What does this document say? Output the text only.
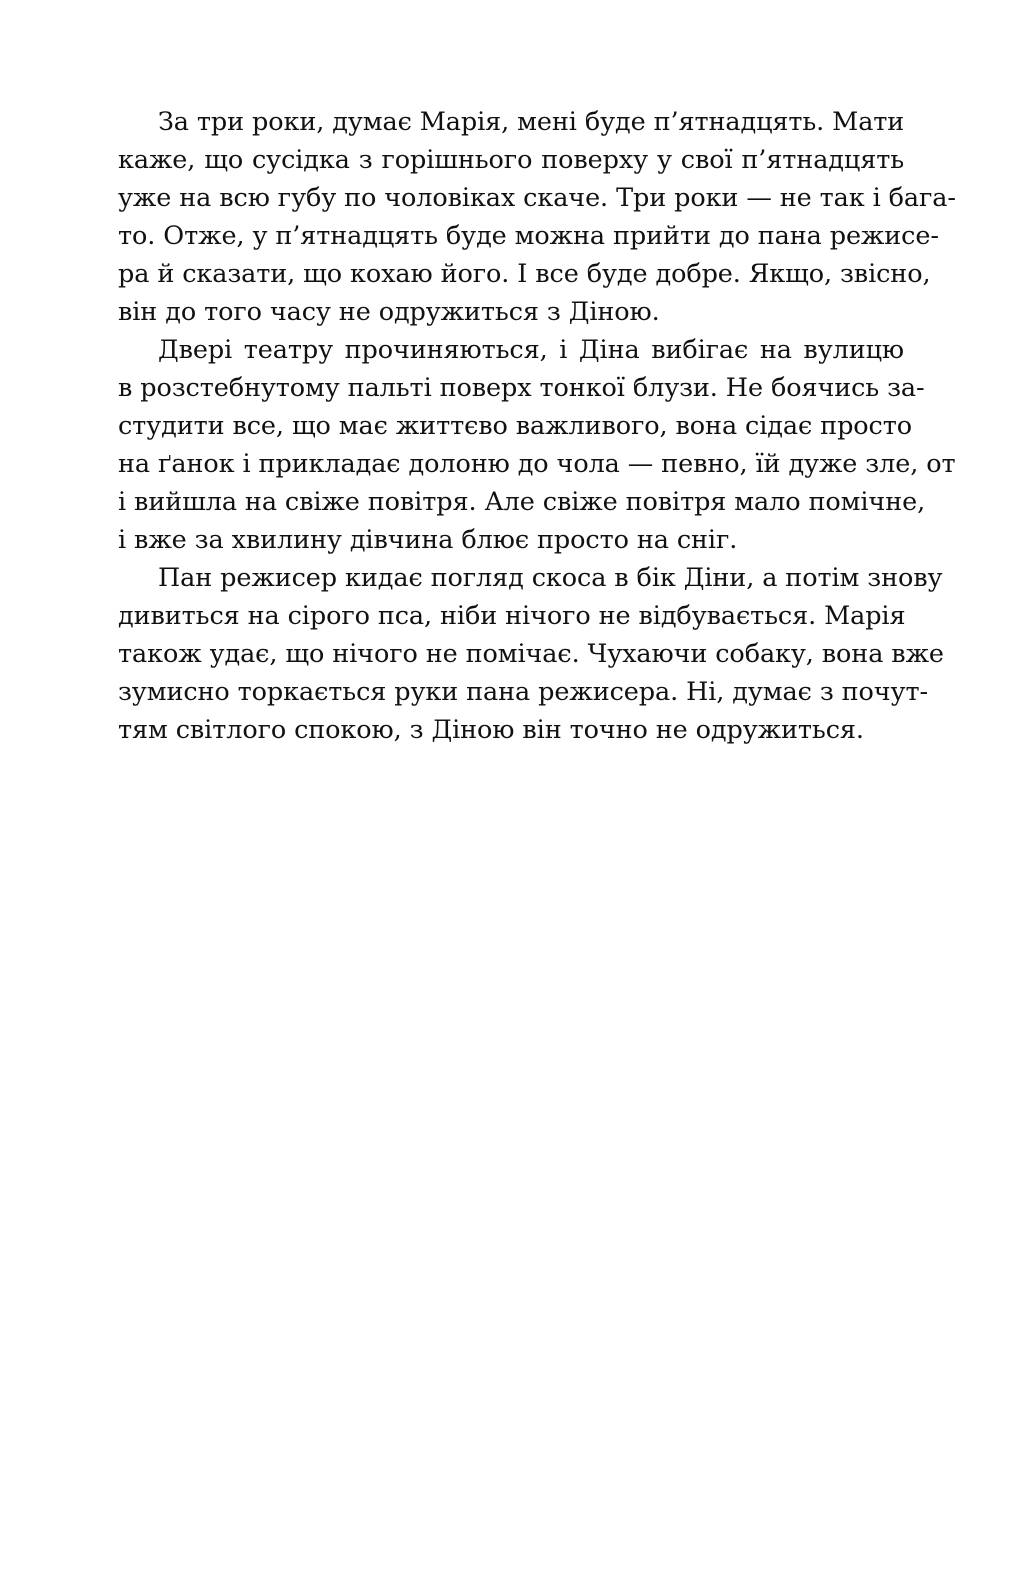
За три роки, думає Марія, мені буде п’ятнадцять. Мати
каже, що сусідка з горішнього поверху у свої п’ятнадцять
уже на всю губу по чоловіках скаче. Три роки — не так і бага-
то. Отже, у п’ятнадцять буде можна прийти до пана режисе-
ра й сказати, що кохаю його. І все буде добре. Якщо, звісно,
він до того часу не одружиться з Діною.
Двері театру прочиняються, і Діна вибігає на вулицю
в розстебнутому пальті поверх тонкої блузи. Не боячись за-
студити все, що має життєво важливого, вона сідає просто
на ґанок і прикладає долоню до чола — певно, їй дуже зле, от
і вийшла на свіже повітря. Але свіже повітря мало помічне,
і вже за хвилину дівчина блює просто на сніг.
Пан режисер кидає погляд скоса в бік Діни, а потім знову
дивиться на сірого пса, ніби нічого не відбувається. Марія
також удає, що нічого не помічає. Чухаючи собаку, вона вже
зумисно торкається руки пана режисера. Ні, думає з почут-
тям світлого спокою, з Діною він точно не одружиться.
